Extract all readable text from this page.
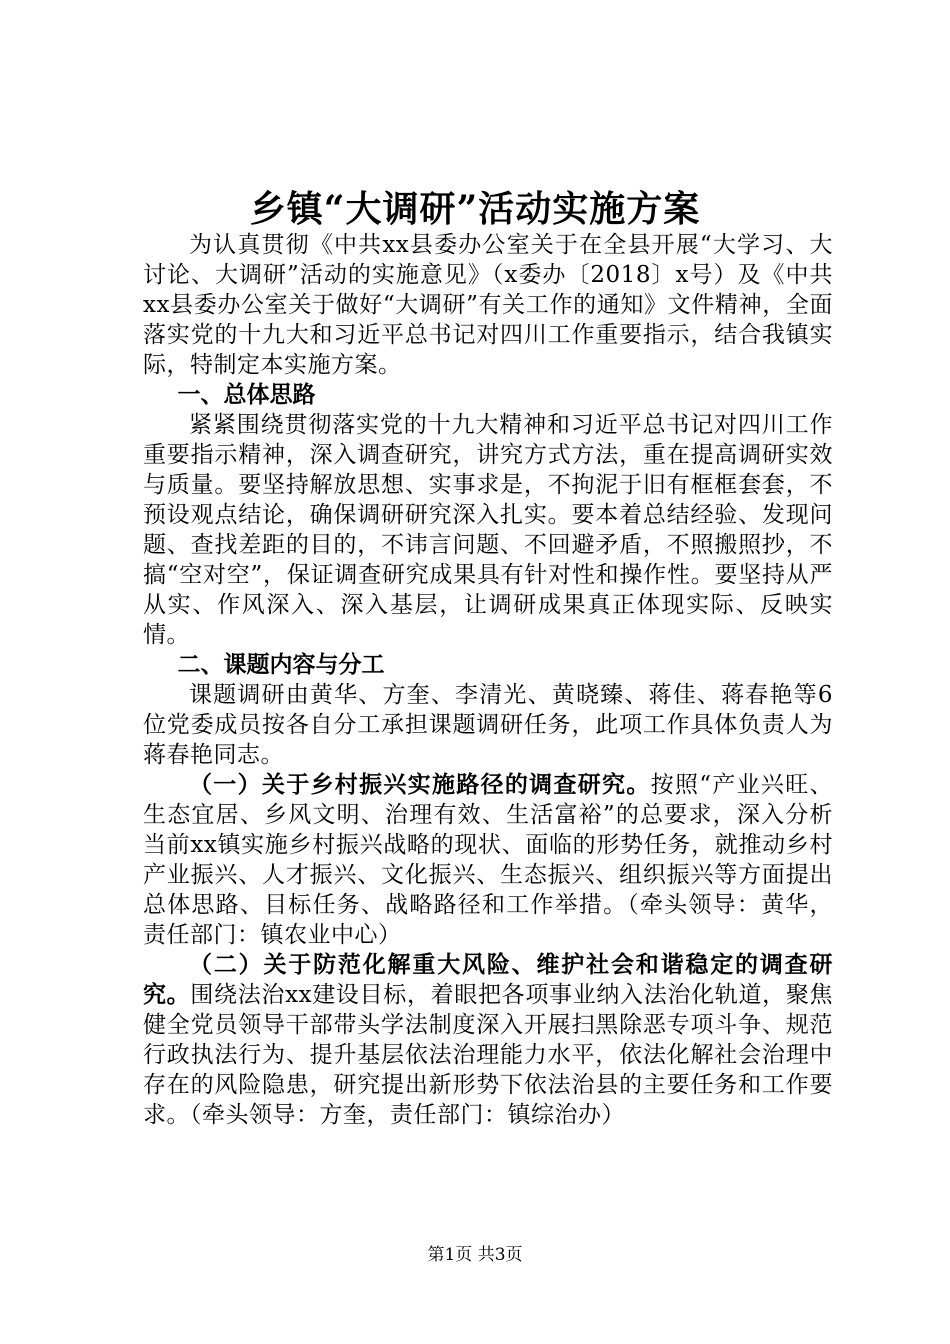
乡镇“大调研”活动实施方案

为认真贯彻《中共xx县委办公室关于在全县开展“大学习、大讨论、大调研”活动的实施意见》（x委办〔2018〕x号）及《中共xx县委办公室关于做好“大调研”有关工作的通知》文件精神，全面落实党的十九大和习近平总书记对四川工作重要指示，结合我镇实际，特制定本实施方案。

一、总体思路

紧紧围绕贯彻落实党的十九大精神和习近平总书记对四川工作重要指示精神，深入调查研究，讲究方式方法，重在提高调研实效与质量。要坚持解放思想、实事求是，不拘泥于旧有框框套套，不预设观点结论，确保调研研究深入扎实。要本着总结经验、发现问题、查找差距的目的，不讳言问题、不回避矛盾，不照搬照抄，不搞“空对空”，保证调查研究成果具有针对性和操作性。要坚持从严从实、作风深入、深入基层，让调研成果真正体现实际、反映实情。

二、课题内容与分工

课题调研由黄华、方奎、李清光、黄晓臻、蒋佳、蒋春艳等6位党委成员按各自分工承担课题调研任务，此项工作具体负责人为蒋春艳同志。

（一）关于乡村振兴实施路径的调查研究。按照“产业兴旺、生态宜居、乡风文明、治理有效、生活富裕”的总要求，深入分析当前xx镇实施乡村振兴战略的现状、面临的形势任务，就推动乡村产业振兴、人才振兴、文化振兴、生态振兴、组织振兴等方面提出总体思路、目标任务、战略路径和工作举措。（牵头领导：黄华，责任部门：镇农业中心）

（二）关于防范化解重大风险、维护社会和谐稳定的调查研究。围绕法治xx建设目标，着眼把各项事业纳入法治化轨道，聚焦健全党员领导干部带头学法制度深入开展扫黑除恶专项斗争、规范行政执法行为、提升基层依法治理能力水平，依法化解社会治理中存在的风险隐患，研究提出新形势下依法治县的主要任务和工作要求。（牵头领导：方奎，责任部门：镇综治办）

第1页 共3页
